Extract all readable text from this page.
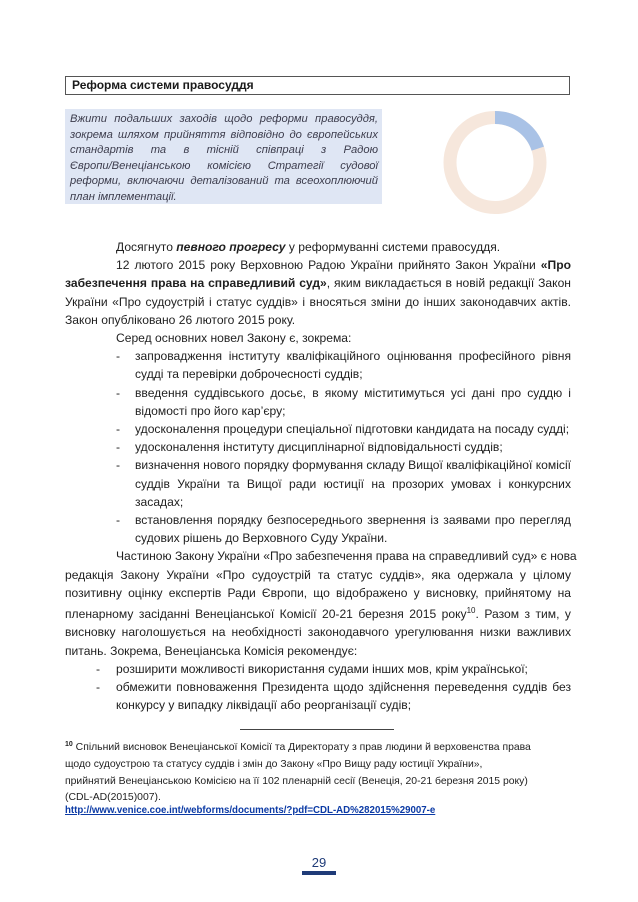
Реформа системи правосуддя
Вжити подальших заходів щодо реформи правосуддя,
зокрема шляхом прийняття відповідно до європейських
стандартів та в тісній співпраці з Радою
Європи/Венеціанською комісією Стратегії судової
реформи, включаючи деталізований та всеохоплюючий
план імплементації.

Досягнуто певного прогресу у реформуванні системи правосуддя.

12 лютого 2015 року Верховною Радою України прийнято Закон України «Про
забезпечення права на справедливий суд», яким викладається в новій редакції Закон
України «Про судоустрій і статус суддів» і вносяться зміни до інших законодавчих актів.
Закон опубліковано 26 лютого 2015 року.

Серед основних новел Закону є, зокрема:

- запровадження інституту кваліфікаційного оцінювання професійного рівня
судді та перевірки доброчесності суддів;
- введення суддівського досьє, в якому міститимуться усі дані про суддю і
відомості про його кар’єру;
- удосконалення процедури спеціальної підготовки кандидата на посаду судді;
- удосконалення інституту дисциплінарної відповідальності суддів;
- визначення нового порядку формування складу Вищої кваліфікаційної комісії
суддів України та Вищої ради юстиції на прозорих умовах і конкурсних
засадах;
- встановлення порядку безпосереднього звернення із заявами про перегляд
судових рішень до Верховного Суду України.

Частиною Закону України «Про забезпечення права на справедливий суд» є нова
редакція Закону України «Про судоустрій та статус суддів», яка одержала у цілому
позитивну оцінку експертів Ради Європи, що відображено у висновку, прийнятому на
пленарному засіданні Венеціанської Комісії 20-21 березня 2015 року$^{10}$. Разом з тим, у
висновку наголошується на необхідності законодавчого урегулювання низки важливих
питань. Зокрема, Венеціанська Комісія рекомендує:

- розширити можливості використання судами інших мов, крім української;
- обмежити повноваження Президента щодо здійснення переведення суддів без
конкурсу у випадку ліквідації або реорганізації судів;
$^{10}$ Спільний висновок Венеціанської Комісії та Директорату з прав людини й верховенства права
щодо судоустрою та статусу суддів і змін до Закону «Про Вищу раду юстиції України»,
прийнятий Венеціанською Комісією на її 102 пленарній сесії (Венеція, 20-21 березня 2015 року)
(CDL-AD(2015)007).
http://www.venice.coe.int/webforms/documents/?pdf=CDL-AD%282015%29007-e
29
